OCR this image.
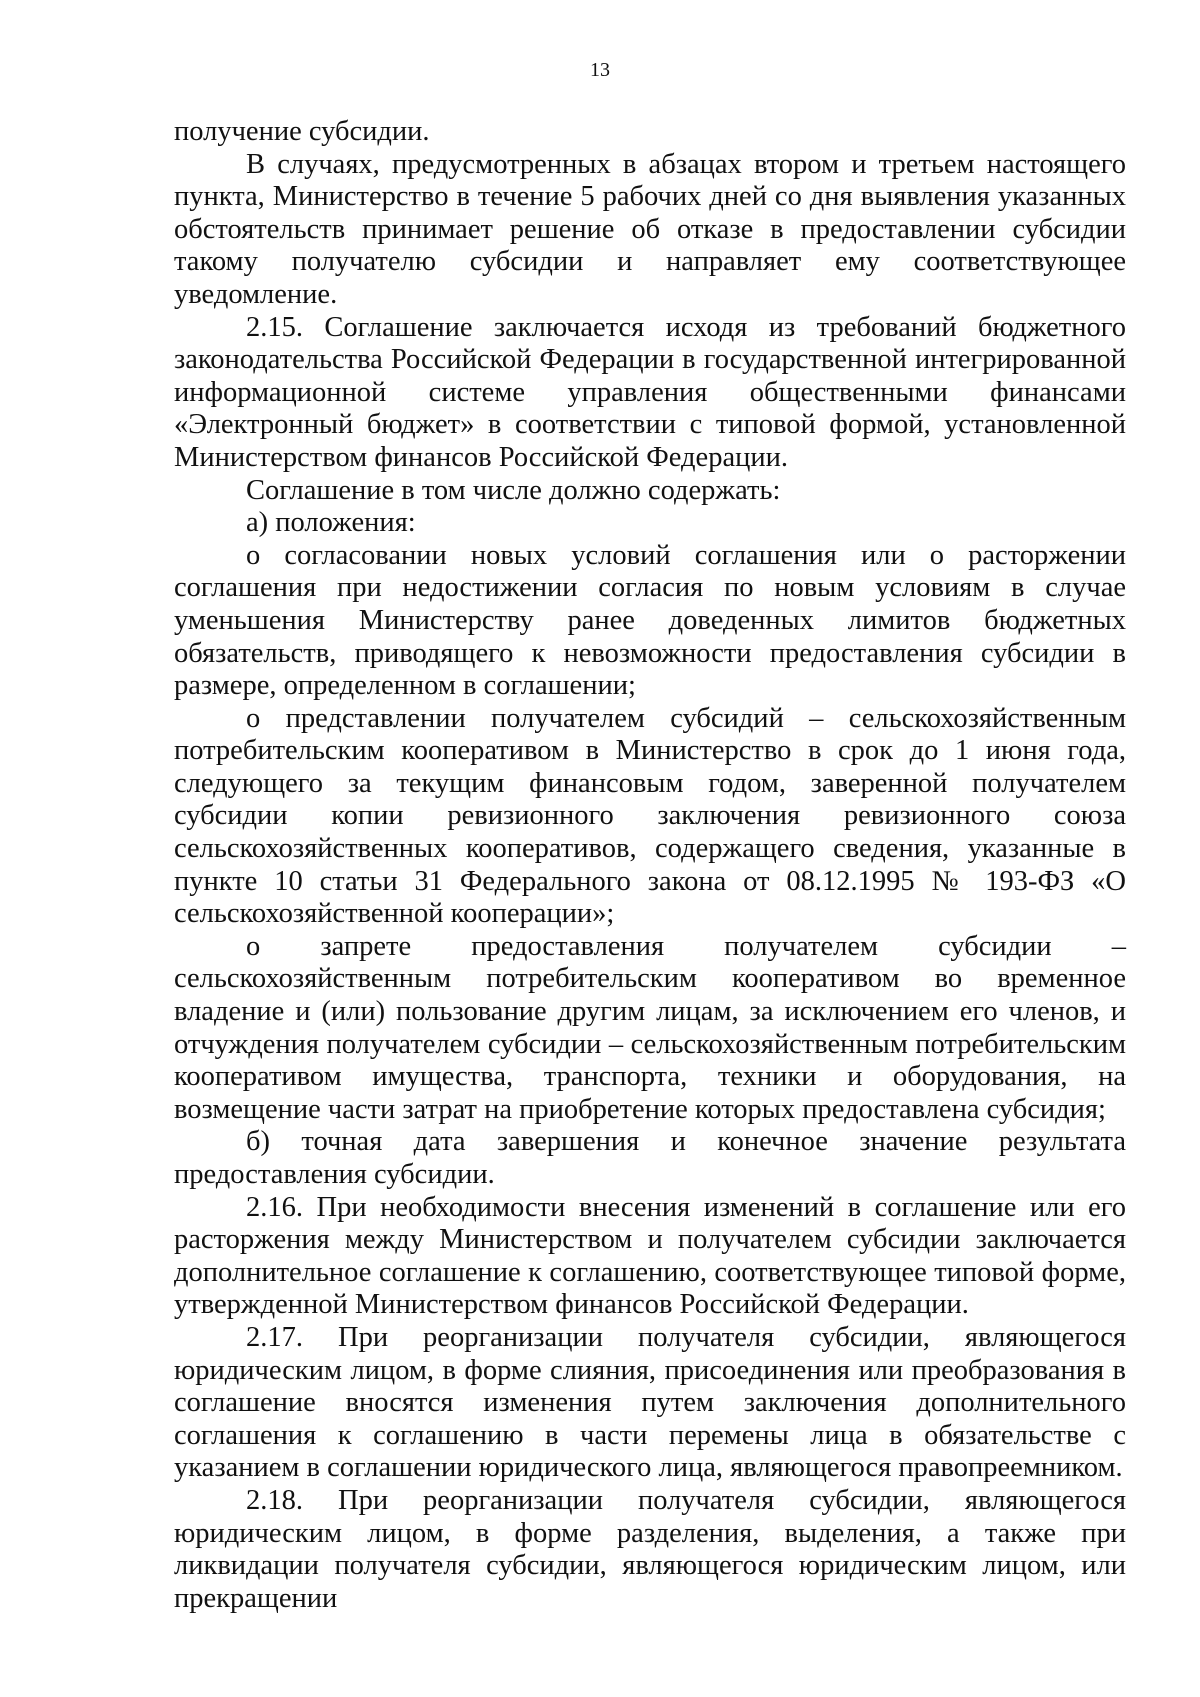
13

получение субсидии.

В случаях, предусмотренных в абзацах втором и третьем настоящего пункта, Министерство в течение 5 рабочих дней со дня выявления указанных обстоятельств принимает решение об отказе в предоставлении субсидии такому получателю субсидии и направляет ему соответствующее уведомление.

2.15. Соглашение заключается исходя из требований бюджетного законодательства Российской Федерации в государственной интегрированной информационной системе управления общественными финансами «Электронный бюджет» в соответствии с типовой формой, установленной Министерством финансов Российской Федерации.

Соглашение в том числе должно содержать:

а) положения:

о согласовании новых условий соглашения или о расторжении соглашения при недостижении согласия по новым условиям в случае уменьшения Министерству ранее доведенных лимитов бюджетных обязательств, приводящего к невозможности предоставления субсидии в размере, определенном в соглашении;

о представлении получателем субсидий – сельскохозяйственным потребительским кооперативом в Министерство в срок до 1 июня года, следующего за текущим финансовым годом, заверенной получателем субсидии копии ревизионного заключения ревизионного союза сельскохозяйственных кооперативов, содержащего сведения, указанные в пункте 10 статьи 31 Федерального закона от 08.12.1995 № 193-ФЗ «О сельскохозяйственной кооперации»;

о запрете предоставления получателем субсидии – сельскохозяйственным потребительским кооперативом во временное владение и (или) пользование другим лицам, за исключением его членов, и отчуждения получателем субсидии – сельскохозяйственным потребительским кооперативом имущества, транспорта, техники и оборудования, на возмещение части затрат на приобретение которых предоставлена субсидия;

б) точная дата завершения и конечное значение результата предоставления субсидии.

2.16. При необходимости внесения изменений в соглашение или его расторжения между Министерством и получателем субсидии заключается дополнительное соглашение к соглашению, соответствующее типовой форме, утвержденной Министерством финансов Российской Федерации.

2.17. При реорганизации получателя субсидии, являющегося юридическим лицом, в форме слияния, присоединения или преобразования в соглашение вносятся изменения путем заключения дополнительного соглашения к соглашению в части перемены лица в обязательстве с указанием в соглашении юридического лица, являющегося правопреемником.

2.18. При реорганизации получателя субсидии, являющегося юридическим лицом, в форме разделения, выделения, а также при ликвидации получателя субсидии, являющегося юридическим лицом, или прекращении
